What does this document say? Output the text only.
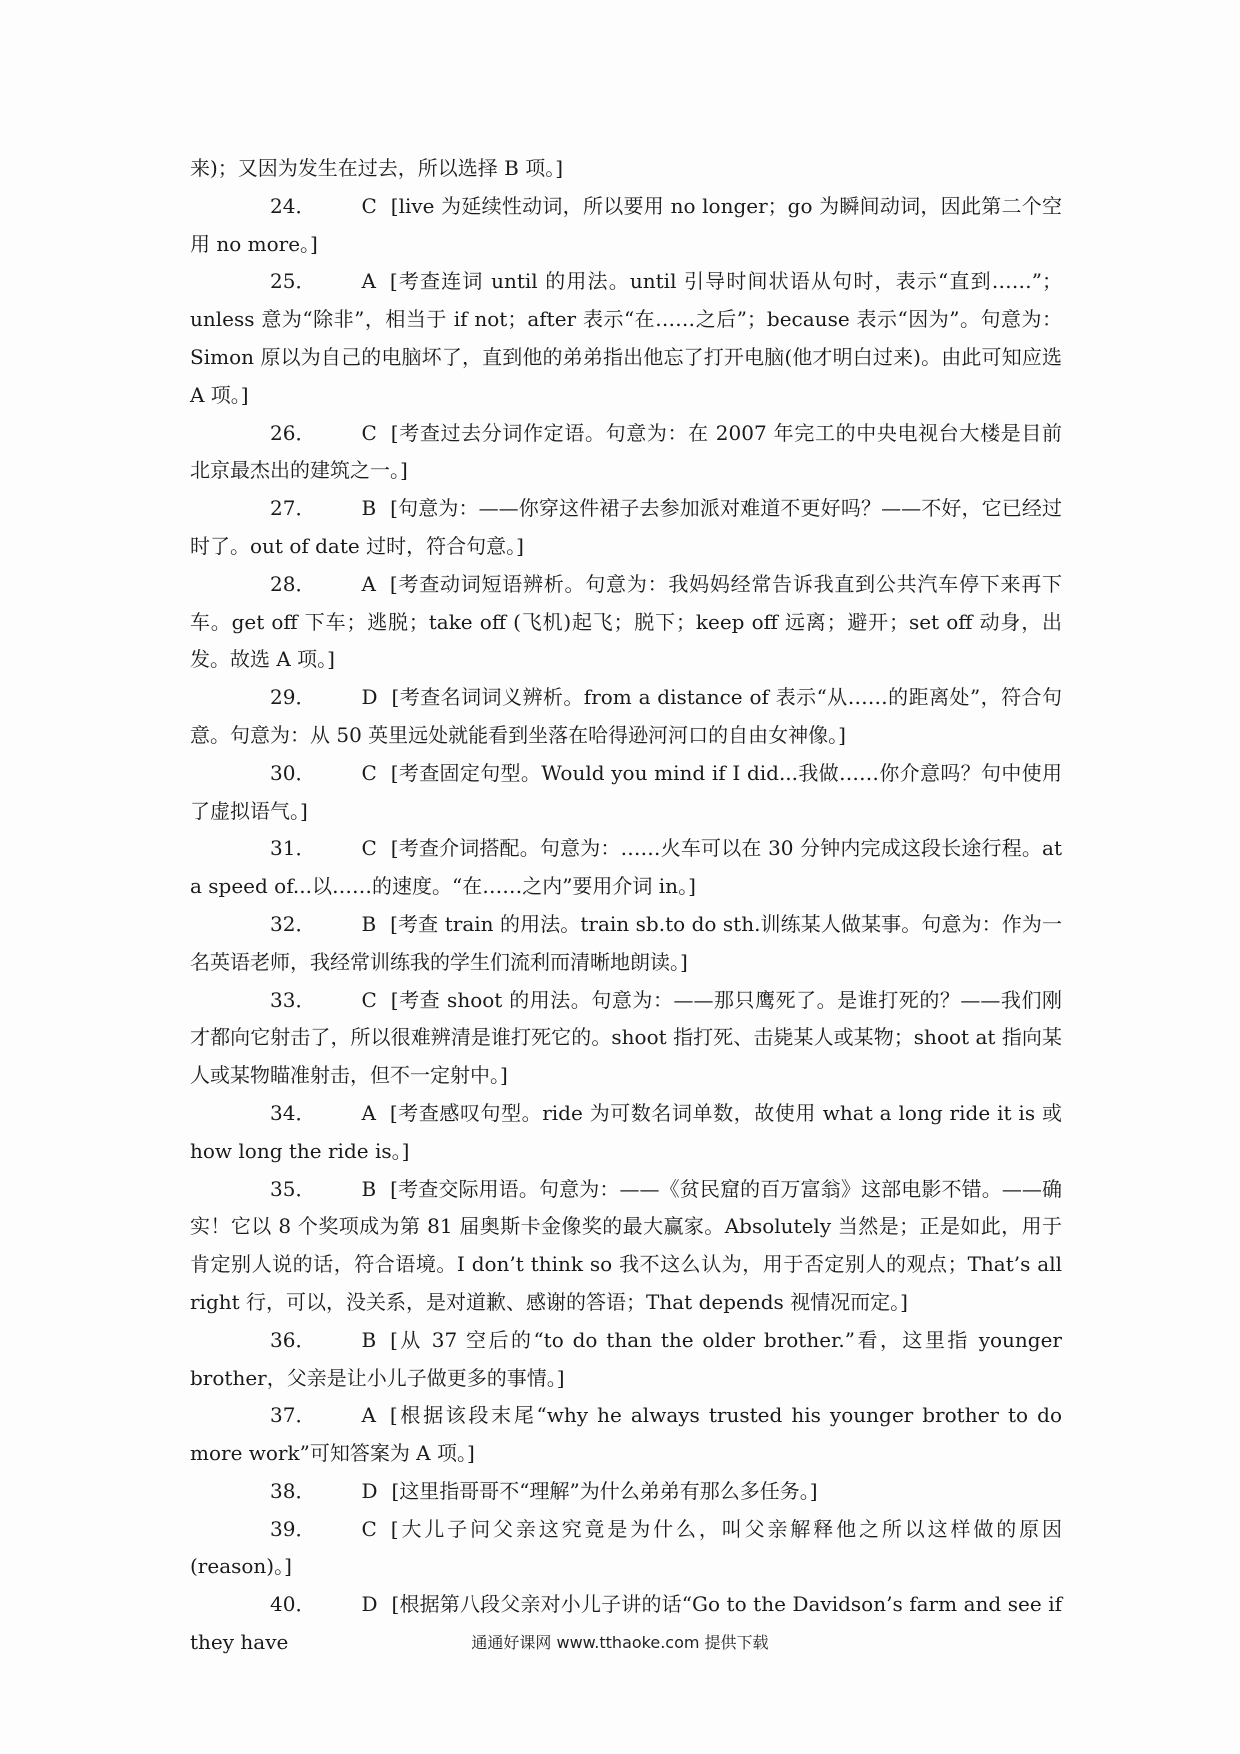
来)；又因为发生在过去，所以选择 B 项。]

24． C [live 为延续性动词，所以要用 no longer；go 为瞬间动词，因此第二个空用 no more。]

25． A [考查连词 until 的用法。until 引导时间状语从句时，表示“直到……”；unless 意为“除非”，相当于 if not；after 表示“在……之后”；because 表示“因为”。句意为：Simon 原以为自己的电脑坏了，直到他的弟弟指出他忘了打开电脑(他才明白过来)。由此可知应选 A 项。]

26． C [考查过去分词作定语。句意为：在 2007 年完工的中央电视台大楼是目前北京最杰出的建筑之一。]

27． B [句意为：——你穿这件裙子去参加派对难道不更好吗？——不好，它已经过时了。out of date 过时，符合句意。]

28． A [考查动词短语辨析。句意为：我妈妈经常告诉我直到公共汽车停下来再下车。get off 下车；逃脱；take off (飞机)起飞；脱下；keep off 远离；避开；set off 动身，出发。故选 A 项。]

29． D [考查名词词义辨析。from a distance of 表示“从……的距离处”，符合句意。句意为：从 50 英里远处就能看到坐落在哈得逊河河口的自由女神像。]

30． C [考查固定句型。Would you mind if I did...我做……你介意吗？句中使用了虚拟语气。]

31． C [考查介词搭配。句意为：……火车可以在 30 分钟内完成这段长途行程。at a speed of...以……的速度。“在……之内”要用介词 in。]

32． B [考查 train 的用法。train sb.to do sth.训练某人做某事。句意为：作为一名英语老师，我经常训练我的学生们流利而清晰地朗读。]

33． C [考查 shoot 的用法。句意为：——那只鹰死了。是谁打死的？——我们刚才都向它射击了，所以很难辨清是谁打死它的。shoot 指打死、击毙某人或某物；shoot at 指向某人或某物瞄准射击，但不一定射中。]

34． A [考查感叹句型。ride 为可数名词单数，故使用 what a long ride it is 或 how long the ride is。]

35． B [考查交际用语。句意为：——《贫民窟的百万富翁》这部电影不错。——确实！它以 8 个奖项成为第 81 届奥斯卡金像奖的最大赢家。Absolutely 当然是；正是如此，用于肯定别人说的话，符合语境。I don’t think so 我不这么认为，用于否定别人的观点；That’s all right 行，可以，没关系，是对道歉、感谢的答语；That depends 视情况而定。]

36． B [从 37 空后的“to do than the older brother.”看，这里指 younger brother，父亲是让小儿子做更多的事情。]

37． A [根据该段末尾“why he always trusted his younger brother to do more work”可知答案为 A 项。]

38． D [这里指哥哥不“理解”为什么弟弟有那么多任务。]

39． C [大儿子问父亲这究竟是为什么，叫父亲解释他之所以这样做的原因(reason)。]

40． D [根据第八段父亲对小儿子讲的话“Go to the Davidson’s farm and see if they have	通通好课网 www.tthaoke.com 提供下载
